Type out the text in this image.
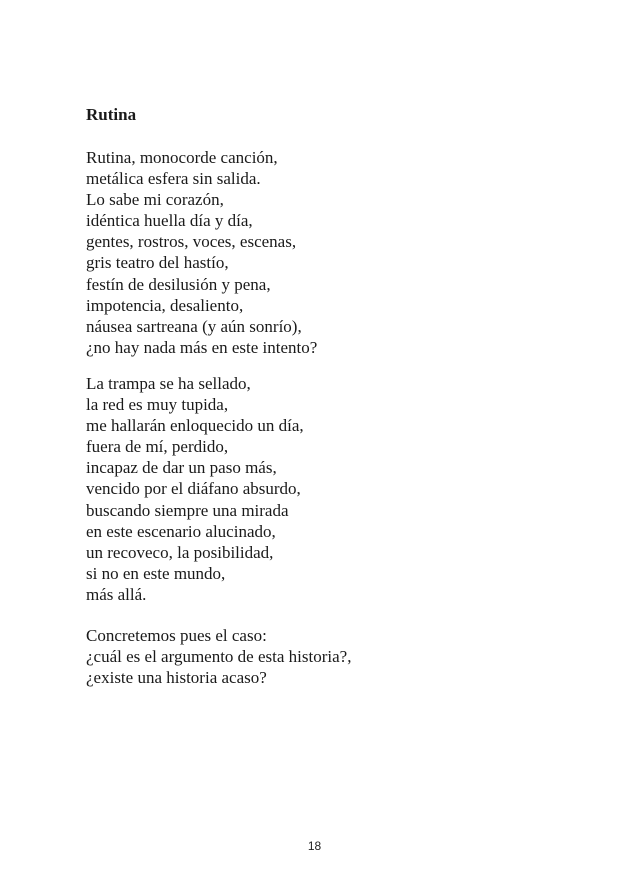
Rutina
Rutina, monocorde canción,
metálica esfera sin salida.
Lo sabe mi corazón,
idéntica huella día y día,
gentes, rostros, voces, escenas,
gris teatro del hastío,
festín de desilusión y pena,
impotencia, desaliento,
náusea sartreana (y aún sonrío),
¿no hay nada más en este intento?
La trampa se ha sellado,
la red es muy tupida,
me hallarán enloquecido un día,
fuera de mí, perdido,
incapaz de dar un paso más,
vencido por el diáfano absurdo,
buscando siempre una mirada
en este escenario alucinado,
un recoveco, la posibilidad,
si no en este mundo,
más allá.
Concretemos pues el caso:
¿cuál es el argumento de esta historia?,
¿existe una historia acaso?
18
